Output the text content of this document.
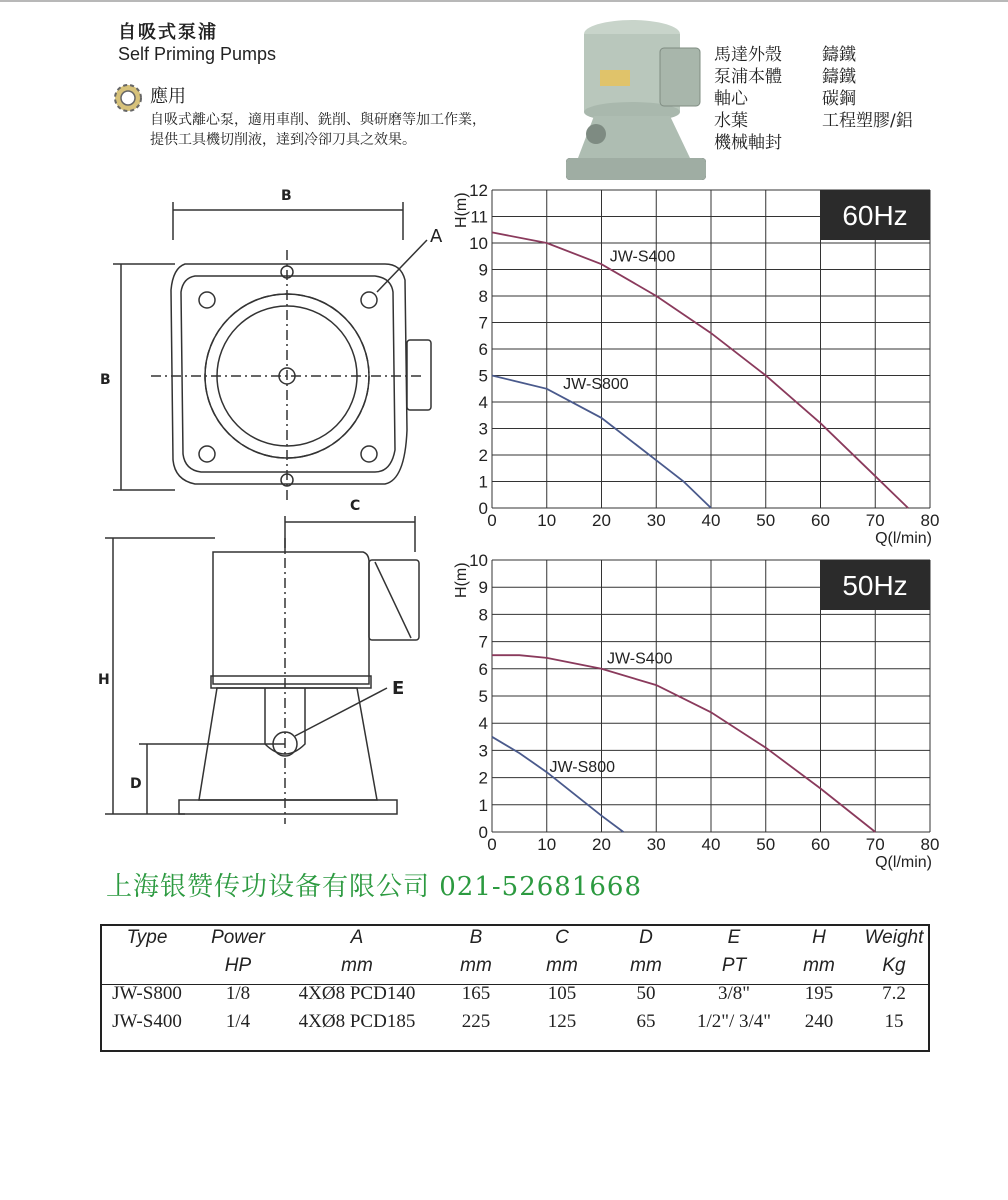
自吸式泵浦
Self Priming Pumps
應用
自吸式離心泵，適用車削、銑削、與研磨等加工作業，
提供工具機切削液，達到冷卻刀具之效果。
馬達外殼	鑄鐵
泵浦本體	鑄鐵
軸心	碳鋼
水葉	工程塑膠/鋁
機械軸封
B
B
A
C
H
D
E
0 10 20 30 40 50 60 70 80
0
1
2
3
4
5
6
7
8
9
10
11
12
60Hz
JW-S400
JW-S800
H(m)
Q(l/min)
0 10 20 30 40 50 60 70 80
0
1
2
3
4
5
6
7
8
9
10
50Hz
JW-S400
JW-S800
H(m)
Q(l/min)
上海银赞传功设备有限公司 021-52681668
Type	Power	A	B	C	D	E	H	Weight
	HP	mm	mm	mm	mm	PT	mm	Kg
JW-S800	1/8	4XØ8 PCD140	165	105	50	3/8"	195	7.2
JW-S400	1/4	4XØ8 PCD185	225	125	65	1/2"/ 3/4"	240	15
